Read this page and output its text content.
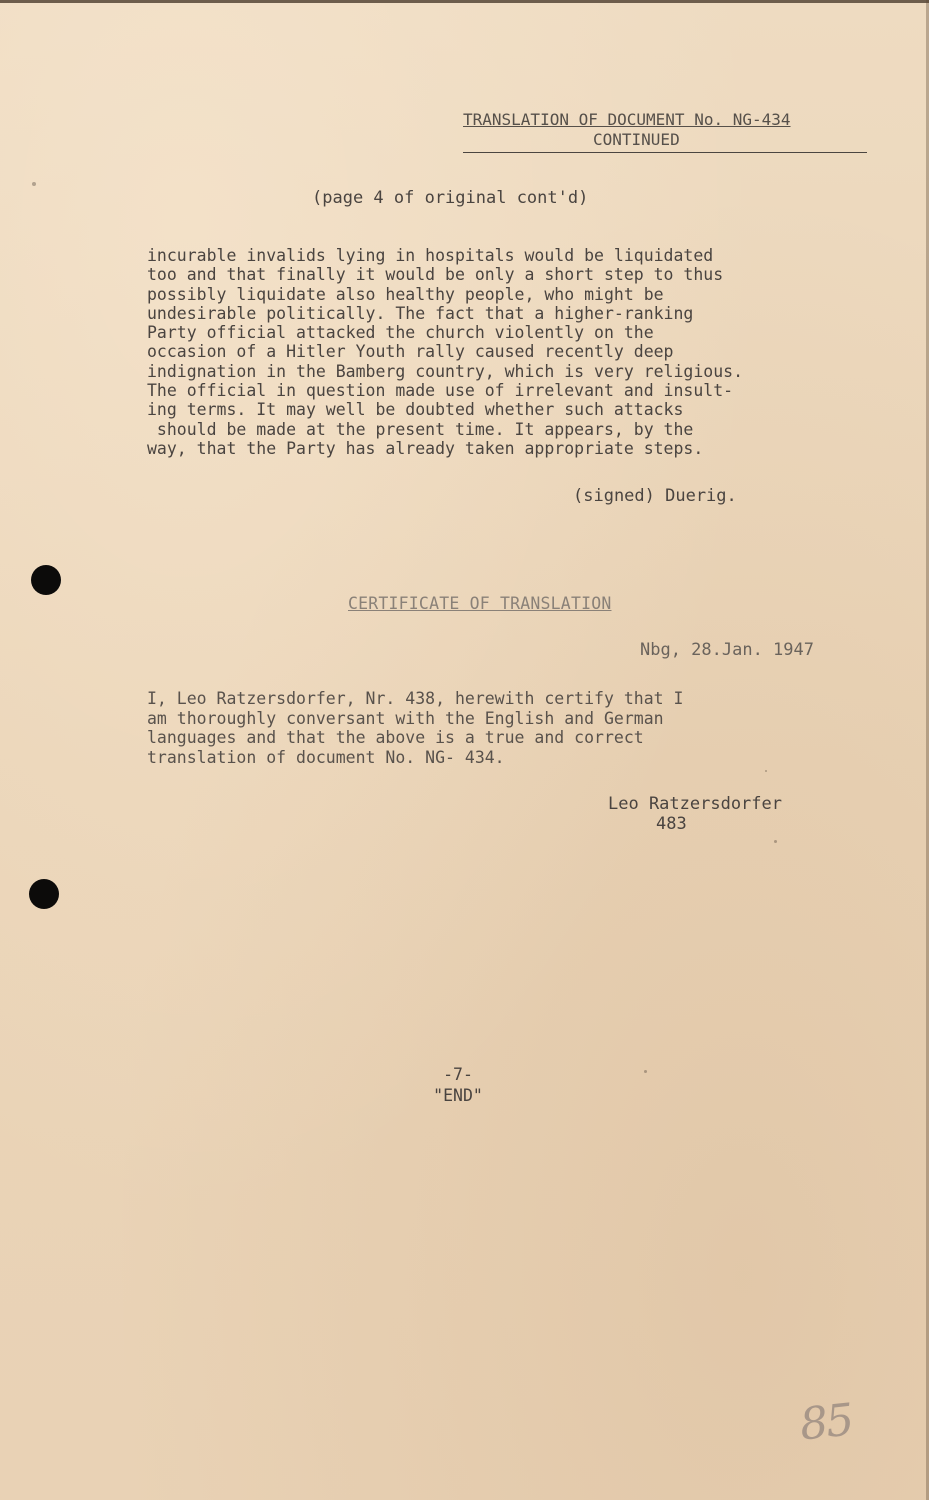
TRANSLATION OF DOCUMENT No. NG-434
CONTINUED
(page 4 of original cont'd)
incurable invalids lying in hospitals would be liquidated
too and that finally it would be only a short step to thus
possibly liquidate also healthy people, who might be
undesirable politically. The fact that a higher-ranking
Party official attacked the church violently on the
occasion of a Hitler Youth rally caused recently deep
indignation in the Bamberg country, which is very religious.
The official in question made use of irrelevant and insult-
ing terms. It may well be doubted whether such attacks
should be made at the present time. It appears, by the
way, that the Party has already taken appropriate steps.
(signed) Duerig.
CERTIFICATE OF TRANSLATION
Nbg, 28.Jan. 1947
I, Leo Ratzersdorfer, Nr. 438, herewith certify that I
am thoroughly conversant with the English and German
languages and that the above is a true and correct
translation of document No. NG- 434.
Leo Ratzersdorfer
483
-7-
"END"
85
